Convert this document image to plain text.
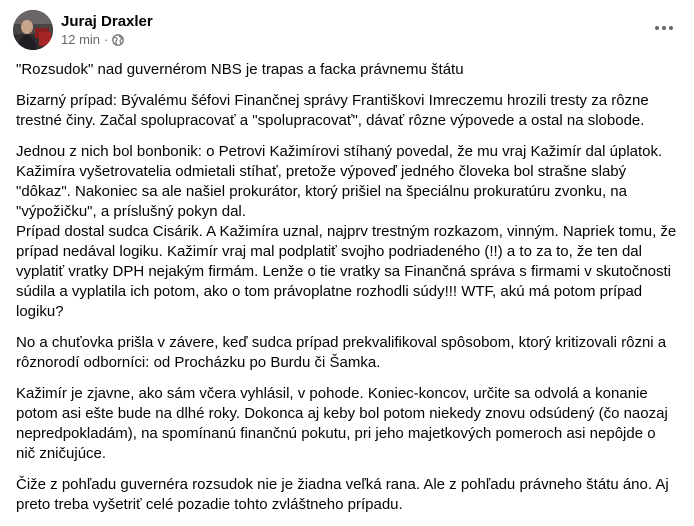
Juraj Draxler
12 min ·

"Rozsudok" nad guvernérom NBS je trapas a facka právnemu štátu

Bizarný prípad: Bývalému šéfovi Finančnej správy Františkovi Imreczemu hrozili tresty za rôzne trestné činy. Začal spolupracovať a "spolupracovať", dávať rôzne výpovede a ostal na slobode.

Jednou z nich bol bonbonik: o Petrovi Kažimírovi stíhaný povedal, že mu vraj Kažimír dal úplatok. Kažimíra vyšetrovatelia odmietali stíhať, pretože výpoveď jedného človeka bol strašne slabý "dôkaz". Nakoniec sa ale našiel prokurátor, ktorý prišiel na špeciálnu prokuratúru zvonku, na "výpožičku", a príslušný pokyn dal.

Prípad dostal sudca Cisárik. A Kažimíra uznal, najprv trestným rozkazom, vinným. Napriek tomu, že prípad nedával logiku. Kažimír vraj mal podplatiť svojho podriadeného (!!) a to za to, že ten dal vyplatiť vratky DPH nejakým firmám. Lenže o tie vratky sa Finančná správa s firmami v skutočnosti súdila a vyplatila ich potom, ako o tom právoplatne rozhodli súdy!!! WTF, akú má potom prípad logiku?

No a chuťovka prišla v závere, keď sudca prípad prekvalifikoval spôsobom, ktorý kritizovali rôzni a rôznorodí odborníci: od Procházku po Burdu či Šamka.

Kažimír je zjavne, ako sám včera vyhlásil, v pohode. Koniec-koncov, určite sa odvolá a konanie potom asi ešte bude na dlhé roky. Dokonca aj keby bol potom niekedy znovu odsúdený (čo naozaj nepredpokladám), na spomínanú finančnú pokutu, pri jeho majetkových pomeroch asi nepôjde o nič zničujúce.

Čiže z pohľadu guvernéra rozsudok nie je žiadna veľká rana. Ale z pohľadu právneho štátu áno. Aj preto treba vyšetriť celé pozadie tohto zvláštneho prípadu.
